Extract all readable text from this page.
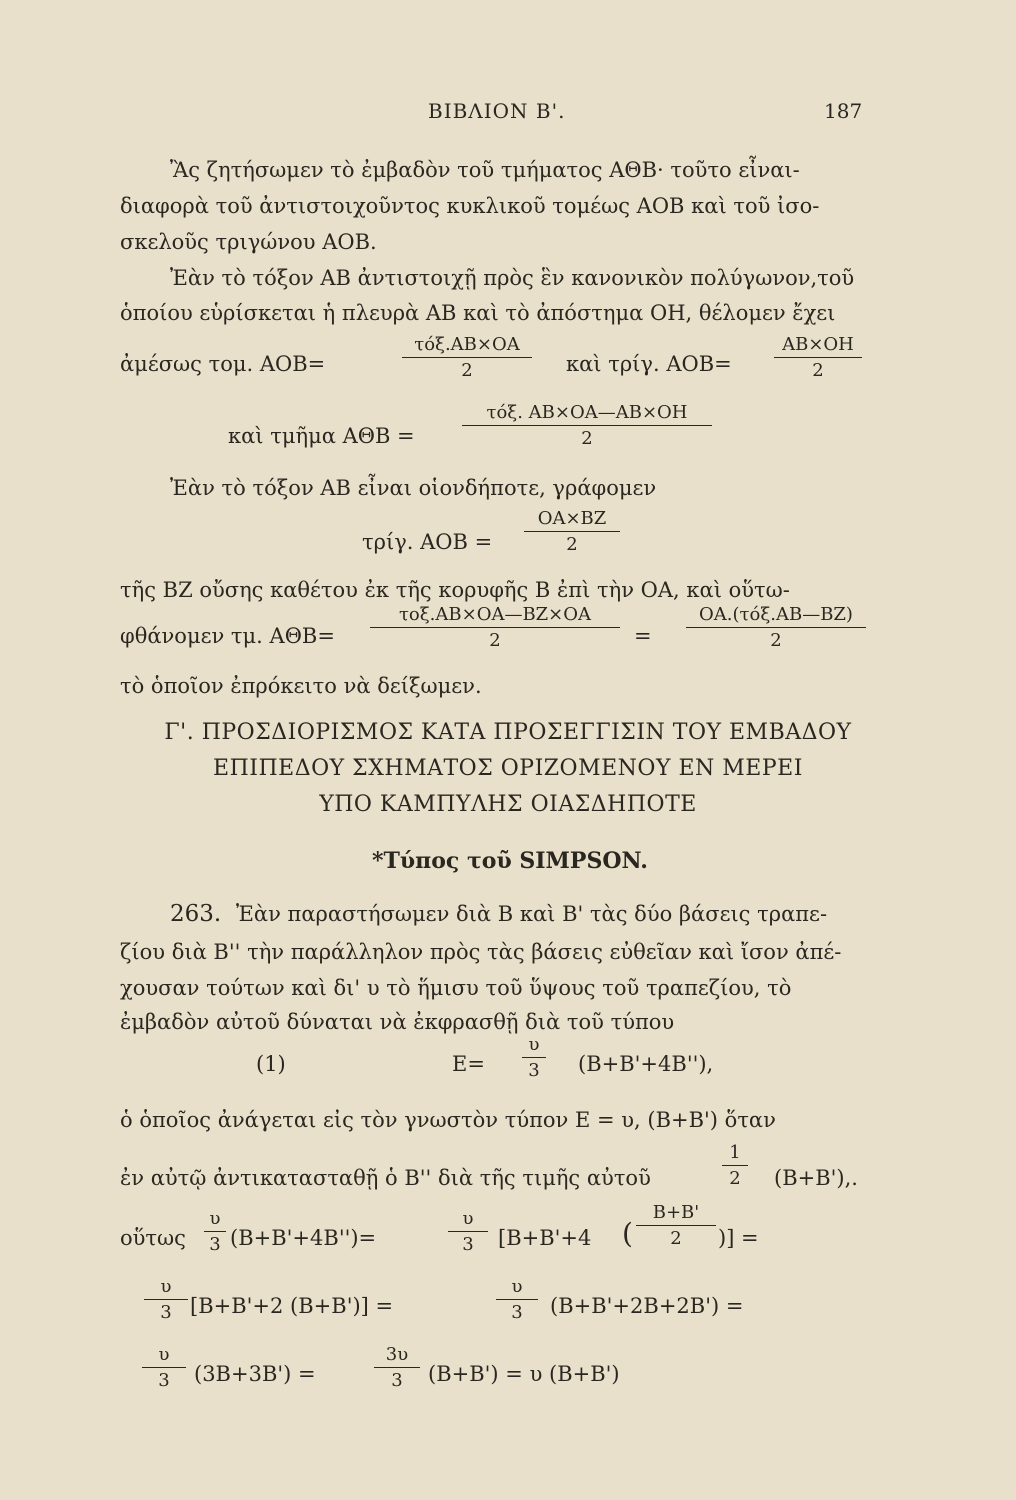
ΒΙΒΛΙΟΝ Β'.	187
Ἂς ζητήσωμεν τὸ ἐμβαδὸν τοῦ τμήματος ΑΘΒ· τοῦτο εἶναι-
διαφορὰ τοῦ ἀντιστοιχοῦντος κυκλικοῦ τομέως ΑΟΒ καὶ τοῦ ἰσο-
σκελοῦς τριγώνου ΑΟΒ.
Ἐὰν τὸ τόξον ΑΒ ἀντιστοιχῇ πρὸς ἓν κανονικὸν πολύγωνον,τοῦ
ὁποίου εὑρίσκεται ἡ πλευρὰ ΑΒ καὶ τὸ ἀπόστημα ΟΗ, θέλομεν ἔχει
ἀμέσως τομ. ΑΟΒ=
τόξ.ΑΒ×ΟΑ
2	καὶ τρίγ. ΑΟΒ=
ΑΒ×ΟΗ
2
καὶ τμῆμα ΑΘΒ =
τόξ. ΑΒ×ΟΑ—ΑΒ×ΟΗ
2
Ἐὰν τὸ τόξον ΑΒ εἶναι οἱονδήποτε, γράφομεν
τρίγ. ΑΟΒ =
ΟΑ×ΒΖ
2
τῆς ΒΖ οὔσης καθέτου ἐκ τῆς κορυφῆς Β ἐπὶ τὴν ΟΑ, καὶ οὕτω-
φθάνομεν τμ. ΑΘΒ=
τοξ.ΑΒ×ΟΑ—ΒΖ×ΟΑ
2	=
ΟΑ.(τόξ.ΑΒ—ΒΖ)
2
τὸ ὁποῖον ἐπρόκειτο νὰ δείξωμεν.
Γ'. ΠΡΟΣΔΙΟΡΙΣΜΟΣ ΚΑΤΑ ΠΡΟΣΕΓΓΙΣΙΝ ΤΟΥ ΕΜΒΑΔΟΥ
ΕΠΙΠΕΔΟΥ ΣΧΗΜΑΤΟΣ ΟΡΙΖΟΜΕΝΟΥ ΕΝ ΜΕΡΕΙ
ΥΠΟ ΚΑΜΠΥΛΗΣ ΟΙΑΣΔΗΠΟΤΕ
*Τύπος τοῦ SIMPSON.
263. Ἐὰν παραστήσωμεν διὰ Β καὶ Β' τὰς δύο βάσεις τραπε-
ζίου διὰ Β'' τὴν παράλληλον πρὸς τὰς βάσεις εὐθεῖαν καὶ ἴσον ἀπέ-
χουσαν τούτων καὶ δι' υ τὸ ἥμισυ τοῦ ὕψους τοῦ τραπεζίου, τὸ
ἐμβαδὸν αὐτοῦ δύναται νὰ ἐκφρασθῇ διὰ τοῦ τύπου
(1)	Ε=
υ
3 (Β+Β'+4Β''),
ὁ ὁποῖος ἀνάγεται εἰς τὸν γνωστὸν τύπον Ε = υ, (Β+Β') ὅταν
ἐν αὐτῷ ἀντικατασταθῇ ὁ Β'' διὰ τῆς τιμῆς αὐτοῦ
1
2	(Β+Β'),.
οὕτως
υ
3 (Β+Β'+4Β'')=
υ
3	[Β+Β'+4 (
Β+Β'
2	)] =
υ
3 [Β+Β'+2 (Β+Β')] =
υ
3	(Β+Β'+2Β+2Β') =
υ
3	(3Β+3Β') =
3υ
3	(Β+Β') = υ (Β+Β')
